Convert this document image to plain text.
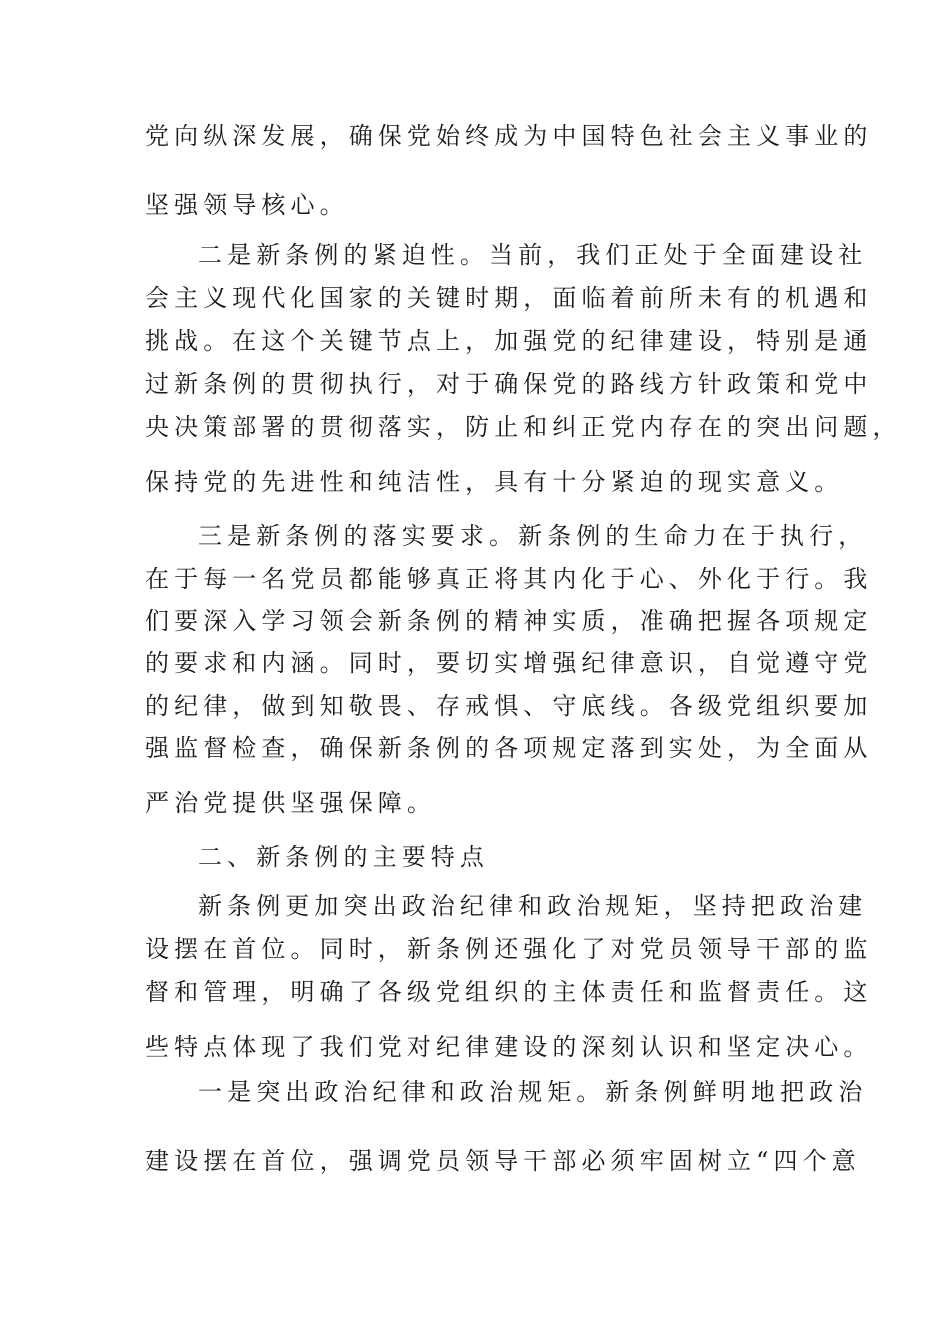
党向纵深发展，确保党始终成为中国特色社会主义事业的
坚强领导核心。
二是新条例的紧迫性。当前，我们正处于全面建设社
会主义现代化国家的关键时期，面临着前所未有的机遇和
挑战。在这个关键节点上，加强党的纪律建设，特别是通
过新条例的贯彻执行，对于确保党的路线方针政策和党中
央决策部署的贯彻落实，防止和纠正党内存在的突出问题，
保持党的先进性和纯洁性，具有十分紧迫的现实意义。
三是新条例的落实要求。新条例的生命力在于执行，
在于每一名党员都能够真正将其内化于心、外化于行。我
们要深入学习领会新条例的精神实质，准确把握各项规定
的要求和内涵。同时，要切实增强纪律意识，自觉遵守党
的纪律，做到知敬畏、存戒惧、守底线。各级党组织要加
强监督检查，确保新条例的各项规定落到实处，为全面从
严治党提供坚强保障。
二、新条例的主要特点
新条例更加突出政治纪律和政治规矩，坚持把政治建
设摆在首位。同时，新条例还强化了对党员领导干部的监
督和管理，明确了各级党组织的主体责任和监督责任。这
些特点体现了我们党对纪律建设的深刻认识和坚定决心。
一是突出政治纪律和政治规矩。新条例鲜明地把政治
建设摆在首位，强调党员领导干部必须牢固树立“四个意
